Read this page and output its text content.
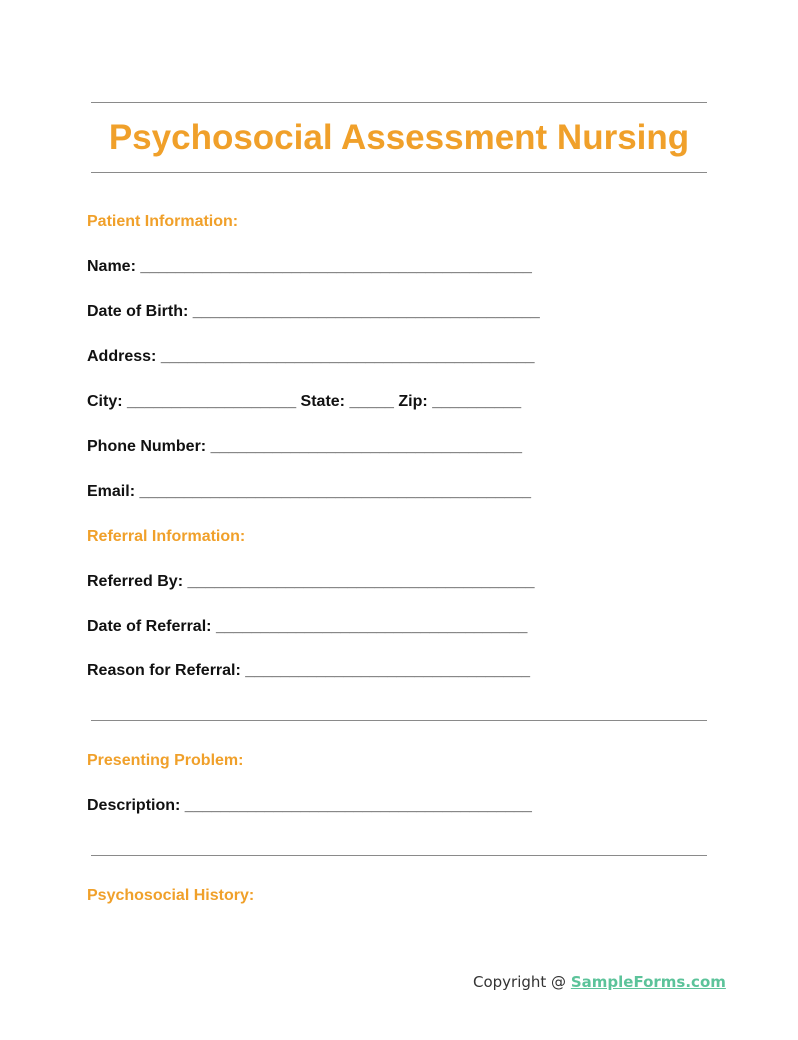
Psychosocial Assessment Nursing
Patient Information:
Name: ____________________________________________
Date of Birth: _______________________________________
Address: __________________________________________
City: ___________________ State: _____ Zip: __________
Phone Number: ___________________________________
Email: ____________________________________________
Referral Information:
Referred By: _______________________________________
Date of Referral: ___________________________________
Reason for Referral: ________________________________
Presenting Problem:
Description: _______________________________________
Psychosocial History:
Copyright @ SampleForms.com
